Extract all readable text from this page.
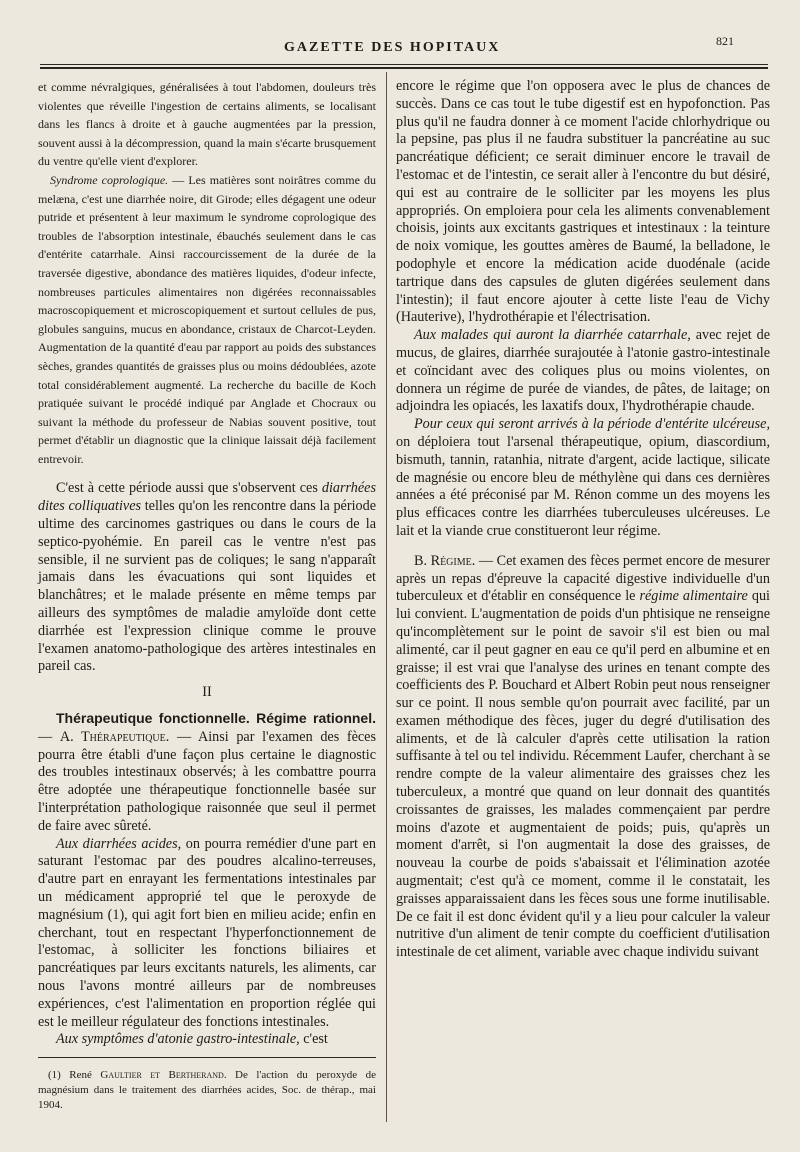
GAZETTE DES HOPITAUX	821

et comme névralgiques, généralisées à tout l'abdomen, douleurs très violentes que réveille l'ingestion de certains aliments, se localisant dans les flancs à droite et à gauche augmentées par la pression, souvent aussi à la décompression, quand la main s'écarte brusquement du ventre qu'elle vient d'explorer.

Syndrome coprologique. — Les matières sont noirâtres comme du melæna, c'est une diarrhée noire, dit Girode; elles dégagent une odeur putride et présentent à leur maximum le syndrome coprologique des troubles de l'absorption intestinale, ébauchés seulement dans le cas d'entérite catarrhale. Ainsi raccourcissement de la durée de la traversée digestive, abondance des matières liquides, d'odeur infecte, nombreuses particules alimentaires non digérées reconnaissables macroscopiquement et microscopiquement et surtout cellules de pus, globules sanguins, mucus en abondance, cristaux de Charcot-Leyden. Augmentation de la quantité d'eau par rapport au poids des substances sèches, grandes quantités de graisses plus ou moins dédoublées, azote total considérablement augmenté. La recherche du bacille de Koch pratiquée suivant le procédé indiqué par Anglade et Chocraux ou suivant la méthode du professeur de Nabias souvent positive, tout permet d'établir un diagnostic que la clinique laissait déjà facilement entrevoir.

C'est à cette période aussi que s'observent ces diarrhées dites colliquatives telles qu'on les rencontre dans la période ultime des carcinomes gastriques ou dans le cours de la septico-pyohémie. En pareil cas le ventre n'est pas sensible, il ne survient pas de coliques; le sang n'apparaît jamais dans les évacuations qui sont liquides et blanchâtres; et le malade présente en même temps par ailleurs des symptômes de maladie amyloïde dont cette diarrhée est l'expression clinique comme le prouve l'examen anatomo-pathologique des artères intestinales en pareil cas.

II

Thérapeutique fonctionnelle. Régime rationnel. — A. Thérapeutique. — Ainsi par l'examen des fèces pourra être établi d'une façon plus certaine le diagnostic des troubles intestinaux observés; à les combattre pourra être adoptée une thérapeutique fonctionnelle basée sur l'interprétation pathologique raisonnée que seul il permet de faire avec sûreté.

Aux diarrhées acides, on pourra remédier d'une part en saturant l'estomac par des poudres alcalino-terreuses, d'autre part en enrayant les fermentations intestinales par un médicament approprié tel que le peroxyde de magnésium (1), qui agit fort bien en milieu acide; enfin en cherchant, tout en respectant l'hyperfonctionnement de l'estomac, à solliciter les fonctions biliaires et pancréatiques par leurs excitants naturels, les aliments, car nous l'avons montré ailleurs par de nombreuses expériences, c'est l'alimentation en proportion réglée qui est le meilleur régulateur des fonctions intestinales.

Aux symptômes d'atonie gastro-intestinale, c'est

(1) René Gaultier et Bertherand. De l'action du peroxyde de magnésium dans le traitement des diarrhées acides, Soc. de thérap., mai 1904.

encore le régime que l'on opposera avec le plus de chances de succès. Dans ce cas tout le tube digestif est en hypofonction. Pas plus qu'il ne faudra donner à ce moment l'acide chlorhydrique ou la pepsine, pas plus il ne faudra substituer la pancréatine au suc pancréatique déficient; ce serait diminuer encore le travail de l'estomac et de l'intestin, ce serait aller à l'encontre du but désiré, qui est au contraire de le solliciter par les moyens les plus appropriés. On emploiera pour cela les aliments convenablement choisis, joints aux excitants gastriques et intestinaux : la teinture de noix vomique, les gouttes amères de Baumé, la belladone, le podophyle et encore la médication acide duodénale (acide tartrique dans des capsules de gluten digérées seulement dans l'intestin); il faut encore ajouter à cette liste l'eau de Vichy (Hauterive), l'hydrothérapie et l'électrisation.

Aux malades qui auront la diarrhée catarrhale, avec rejet de mucus, de glaires, diarrhée surajoutée à l'atonie gastro-intestinale et coïncidant avec des coliques plus ou moins violentes, on donnera un régime de purée de viandes, de pâtes, de laitage; on adjoindra les opiacés, les laxatifs doux, l'hydrothérapie chaude.

Pour ceux qui seront arrivés à la période d'entérite ulcéreuse, on déploiera tout l'arsenal thérapeutique, opium, diascordium, bismuth, tannin, ratanhia, nitrate d'argent, acide lactique, silicate de magnésie ou encore bleu de méthylène qui dans ces dernières années a été préconisé par M. Rénon comme un des moyens les plus efficaces contre les diarrhées tuberculeuses ulcéreuses. Le lait et la viande crue constitueront leur régime.

B. Régime. — Cet examen des fèces permet encore de mesurer après un repas d'épreuve la capacité digestive individuelle d'un tuberculeux et d'établir en conséquence le régime alimentaire qui lui convient. L'augmentation de poids d'un phtisique ne renseigne qu'incomplètement sur le point de savoir s'il est bien ou mal alimenté, car il peut gagner en eau ce qu'il perd en albumine et en graisse; il est vrai que l'analyse des urines en tenant compte des coefficients des P. Bouchard et Albert Robin peut nous renseigner sur ce point. Il nous semble qu'on pourrait avec facilité, par un examen méthodique des fèces, juger du degré d'utilisation des aliments, et de là calculer d'après cette utilisation la ration suffisante à tel ou tel individu. Récemment Laufer, cherchant à se rendre compte de la valeur alimentaire des graisses chez les tuberculeux, a montré que quand on leur donnait des quantités croissantes de graisses, les malades commençaient par perdre moins d'azote et augmentaient de poids; puis, qu'après un moment d'arrêt, si l'on augmentait la dose des graisses, de nouveau la courbe de poids s'abaissait et l'élimination azotée augmentait; c'est qu'à ce moment, comme il le constatait, les graisses apparaissaient dans les fèces sous une forme inutilisable. De ce fait il est donc évident qu'il y a lieu pour calculer la valeur nutritive d'un aliment de tenir compte du coefficient d'utilisation intestinale de cet aliment, variable avec chaque individu suivant
